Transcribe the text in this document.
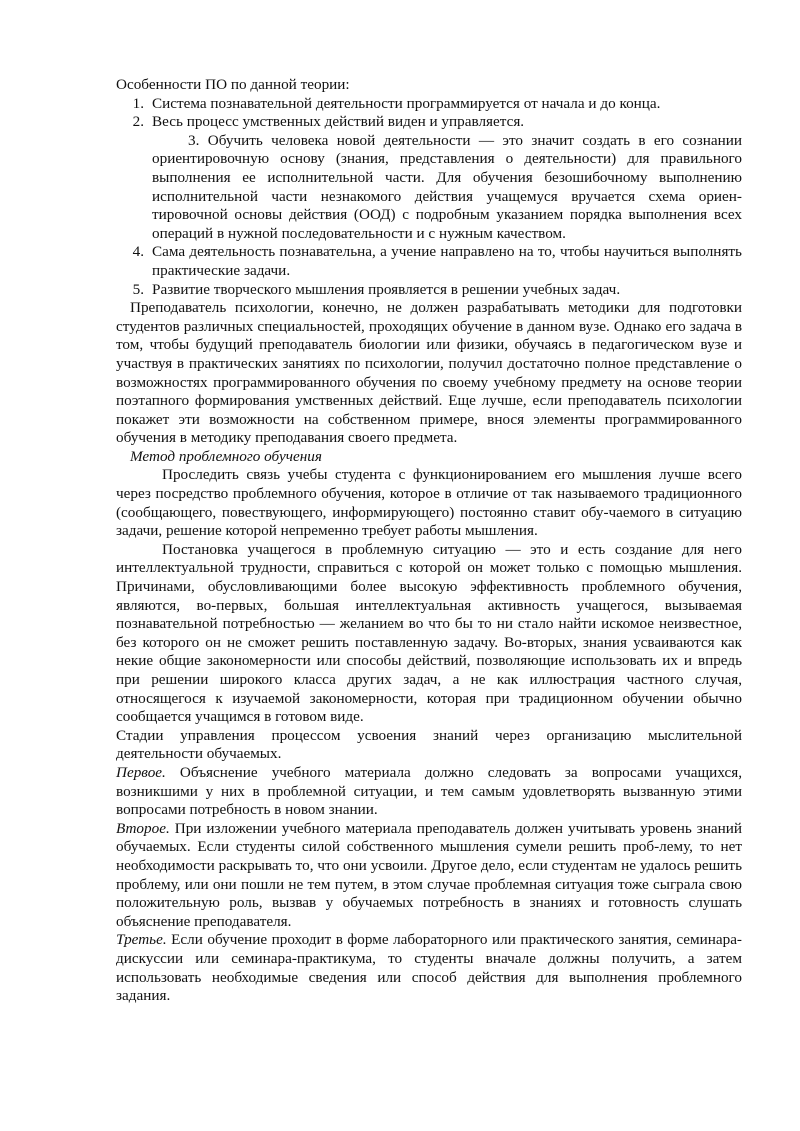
Особенности ПО по данной теории:

1. Система познавательной деятельности программируется от начала и до конца.
2. Весь процесс умственных действий виден и управляется.
3. Обучить человека новой деятельности — это значит создать в его сознании ориентировочную основу (знания, представления о деятельности) для правильного выполнения ее исполнительной части. Для обучения безошибочному выполнению исполнительной части незнакомого действия учащемуся вручается схема ориен-тировочной основы действия (ООД) с подробным указанием порядка выполнения всех операций в нужной последовательности и с нужным качеством.
4. Сама деятельность познавательна, а учение направлено на то, чтобы научиться выполнять практические задачи.
5. Развитие творческого мышления проявляется в решении учебных задач.

Преподаватель психологии, конечно, не должен разрабатывать методики для подготовки студентов различных специальностей, проходящих обучение в данном вузе. Однако его задача в том, чтобы будущий преподаватель биологии или физики, обучаясь в педагогическом вузе и участвуя в практических занятиях по психологии, получил достаточно полное представление о возможностях программированного обучения по своему учебному предмету на основе теории поэтапного формирования умственных действий. Еще лучше, если преподаватель психологии покажет эти возможности на собственном примере, внося элементы программированного обучения в методику преподавания своего предмета.

Метод проблемного обучения

Проследить связь учебы студента с функционированием его мышления лучше всего через посредство проблемного обучения, которое в отличие от так называемого традиционного (сообщающего, повествующего, информирующего) постоянно ставит обу-чаемого в ситуацию задачи, решение которой непременно требует работы мышления.

Постановка учащегося в проблемную ситуацию — это и есть создание для него интеллектуальной трудности, справиться с которой он может только с помощью мышления. Причинами, обусловливающими более высокую эффективность проблемного обучения, являются, во-первых, большая интеллектуальная активность учащегося, вызываемая познавательной потребностью — желанием во что бы то ни стало найти искомое неизвестное, без которого он не сможет решить поставленную задачу. Во-вторых, знания усваиваются как некие общие закономерности или способы действий, позволяющие использовать их и впредь при решении широкого класса других задач, а не как иллюстрация частного случая, относящегося к изучаемой закономерности, которая при традиционном обучении обычно сообщается учащимся в готовом виде.

Стадии управления процессом усвоения знаний через организацию мыслительной деятельности обучаемых.

Первое. Объяснение учебного материала должно следовать за вопросами учащихся, возникшими у них в проблемной ситуации, и тем самым удовлетворять вызванную этими вопросами потребность в новом знании.

Второе. При изложении учебного материала преподаватель должен учитывать уровень знаний обучаемых. Если студенты силой собственного мышления сумели решить проб-лему, то нет необходимости раскрывать то, что они усвоили. Другое дело, если студентам не удалось решить проблему, или они пошли не тем путем, в этом случае проблемная ситуация тоже сыграла свою положительную роль, вызвав у обучаемых потребность в знаниях и готовность слушать объяснение преподавателя.

Третье. Если обучение проходит в форме лабораторного или практического занятия, семинара-дискуссии или семинара-практикума, то студенты вначале должны получить, а затем использовать необходимые сведения или способ действия для выполнения проблемного задания.
